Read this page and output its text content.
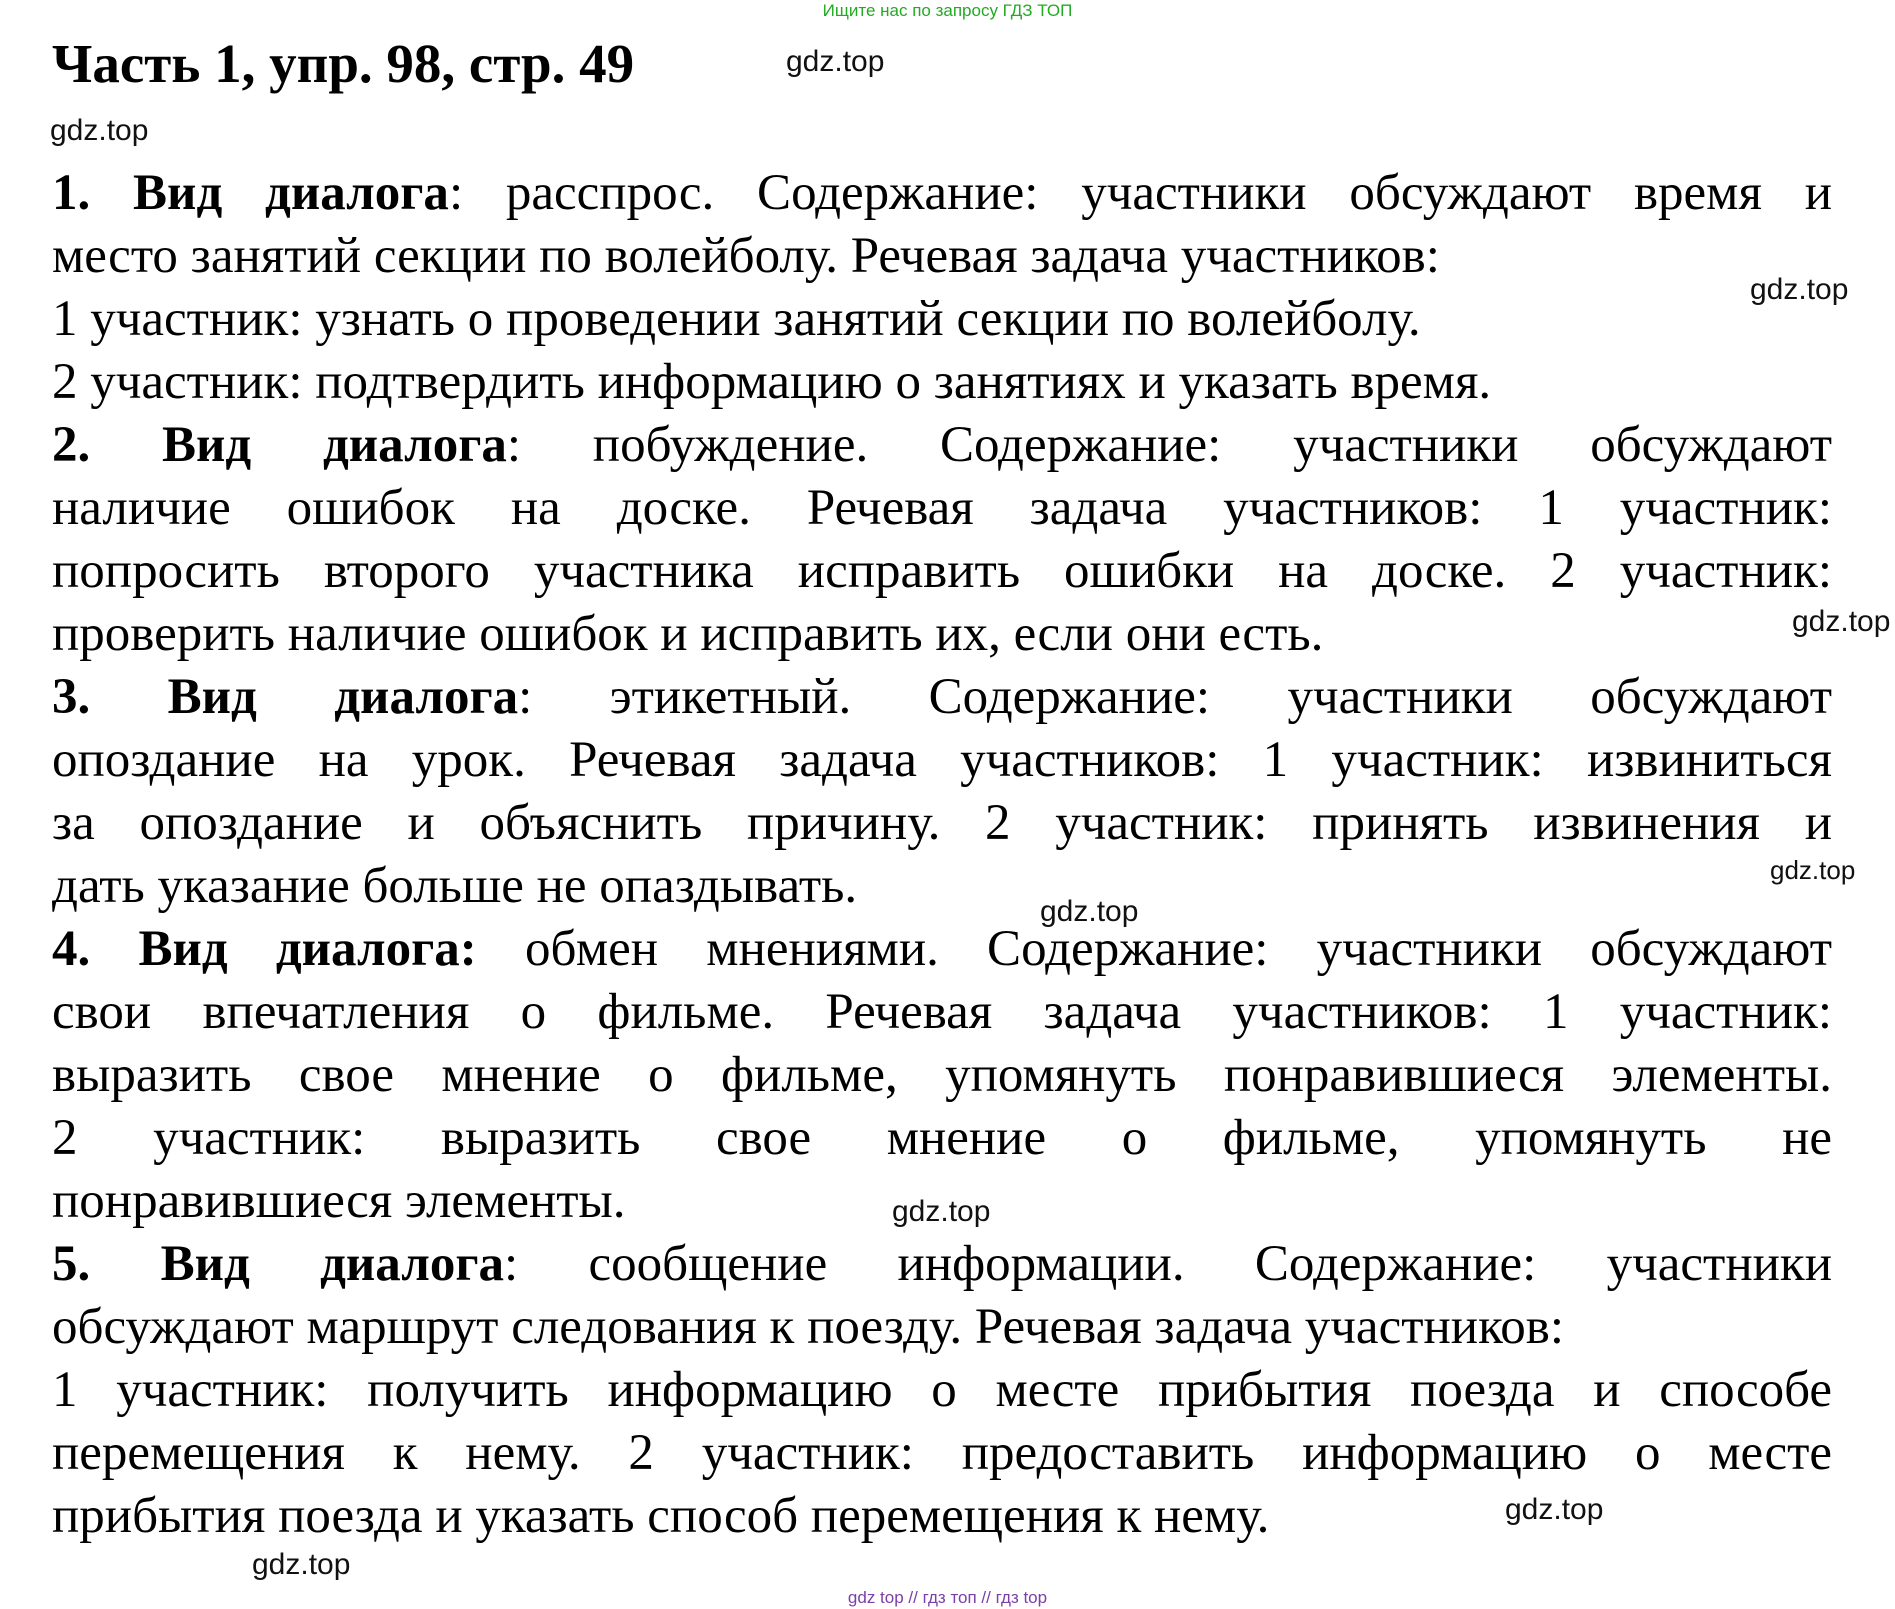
Ищите нас по запросу ГДЗ ТОП
Часть 1, упр. 98, стр. 49	gdz.top
gdz.top
gdz.top
gdz.top
gdz.top
gdz.top
gdz.top
gdz.top
gdz.top
1. Вид диалога: расспрос. Содержание: участники обсуждают время и
место занятий секции по волейболу. Речевая задача участников:
1 участник: узнать о проведении занятий секции по волейболу.
2 участник: подтвердить информацию о занятиях и указать время.
2. Вид диалога: побуждение. Содержание: участники обсуждают
наличие ошибок на доске. Речевая задача участников: 1 участник:
попросить второго участника исправить ошибки на доске. 2 участник:
проверить наличие ошибок и исправить их, если они есть.
3. Вид диалога: этикетный. Содержание: участники обсуждают
опоздание на урок. Речевая задача участников: 1 участник: извиниться
за опоздание и объяснить причину. 2 участник: принять извинения и
дать указание больше не опаздывать.
4. Вид диалога: обмен мнениями. Содержание: участники обсуждают
свои впечатления о фильме. Речевая задача участников: 1 участник:
выразить свое мнение о фильме, упомянуть понравившиеся элементы.
2 участник: выразить свое мнение о фильме, упомянуть не
понравившиеся элементы.
5. Вид диалога: сообщение информации. Содержание: участники
обсуждают маршрут следования к поезду. Речевая задача участников:
1 участник: получить информацию о месте прибытия поезда и способе
перемещения к нему. 2 участник: предоставить информацию о месте
прибытия поезда и указать способ перемещения к нему.
gdz top // гдз топ // гдз top
